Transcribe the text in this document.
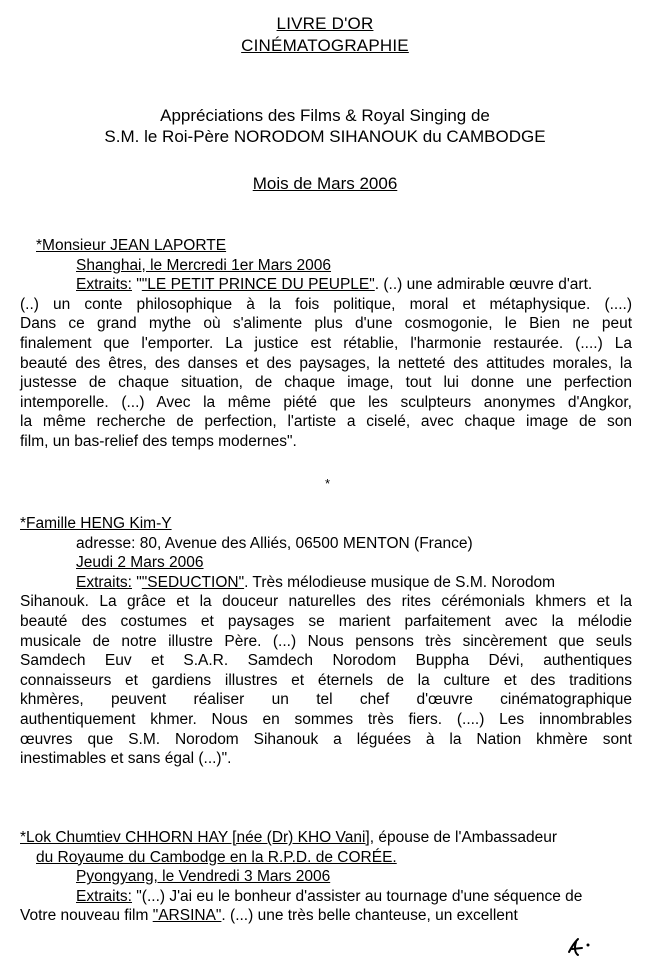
LIVRE D'OR
CINÉMATOGRAPHIE
Appréciations des Films & Royal Singing de
S.M. le Roi-Père NORODOM SIHANOUK du CAMBODGE
Mois de Mars 2006
*Monsieur JEAN LAPORTE
Shanghai, le Mercredi 1er Mars 2006
Extraits: ""LE PETIT PRINCE DU PEUPLE". (..) une admirable œuvre d'art.
(..) un conte philosophique à la fois politique, moral et métaphysique. (....)
Dans ce grand mythe où s'alimente plus d'une cosmogonie, le Bien ne peut
finalement que l'emporter. La justice est rétablie, l'harmonie restaurée. (....) La
beauté des êtres, des danses et des paysages, la netteté des attitudes morales, la
justesse de chaque situation, de chaque image, tout lui donne une perfection
intemporelle. (...) Avec la même piété que les sculpteurs anonymes d'Angkor,
la même recherche de perfection, l'artiste a ciselé, avec chaque image de son
film, un bas-relief des temps modernes".
*
*Famille HENG Kim-Y
adresse: 80, Avenue des Alliés, 06500 MENTON (France)
Jeudi 2 Mars 2006
Extraits: ""SEDUCTION". Très mélodieuse musique de S.M. Norodom
Sihanouk. La grâce et la douceur naturelles des rites cérémonials khmers et la
beauté des costumes et paysages se marient parfaitement avec la mélodie
musicale de notre illustre Père. (...) Nous pensons très sincèrement que seuls
Samdech Euv et S.A.R. Samdech Norodom Buppha Dévi, authentiques
connaisseurs et gardiens illustres et éternels de la culture et des traditions
khmères, peuvent réaliser un tel chef d'œuvre cinématographique
authentiquement khmer. Nous en sommes très fiers. (....) Les innombrables
œuvres que S.M. Norodom Sihanouk a léguées à la Nation khmère sont
inestimables et sans égal (...)".
*Lok Chumtiev CHHORN HAY [née (Dr) KHO Vani], épouse de l'Ambassadeur
du Royaume du Cambodge en la R.P.D. de CORÉE.
Pyongyang, le Vendredi 3 Mars 2006
Extraits: "(...) J'ai eu le bonheur d'assister au tournage d'une séquence de
Votre nouveau film "ARSINA". (...) une très belle chanteuse, un excellent
